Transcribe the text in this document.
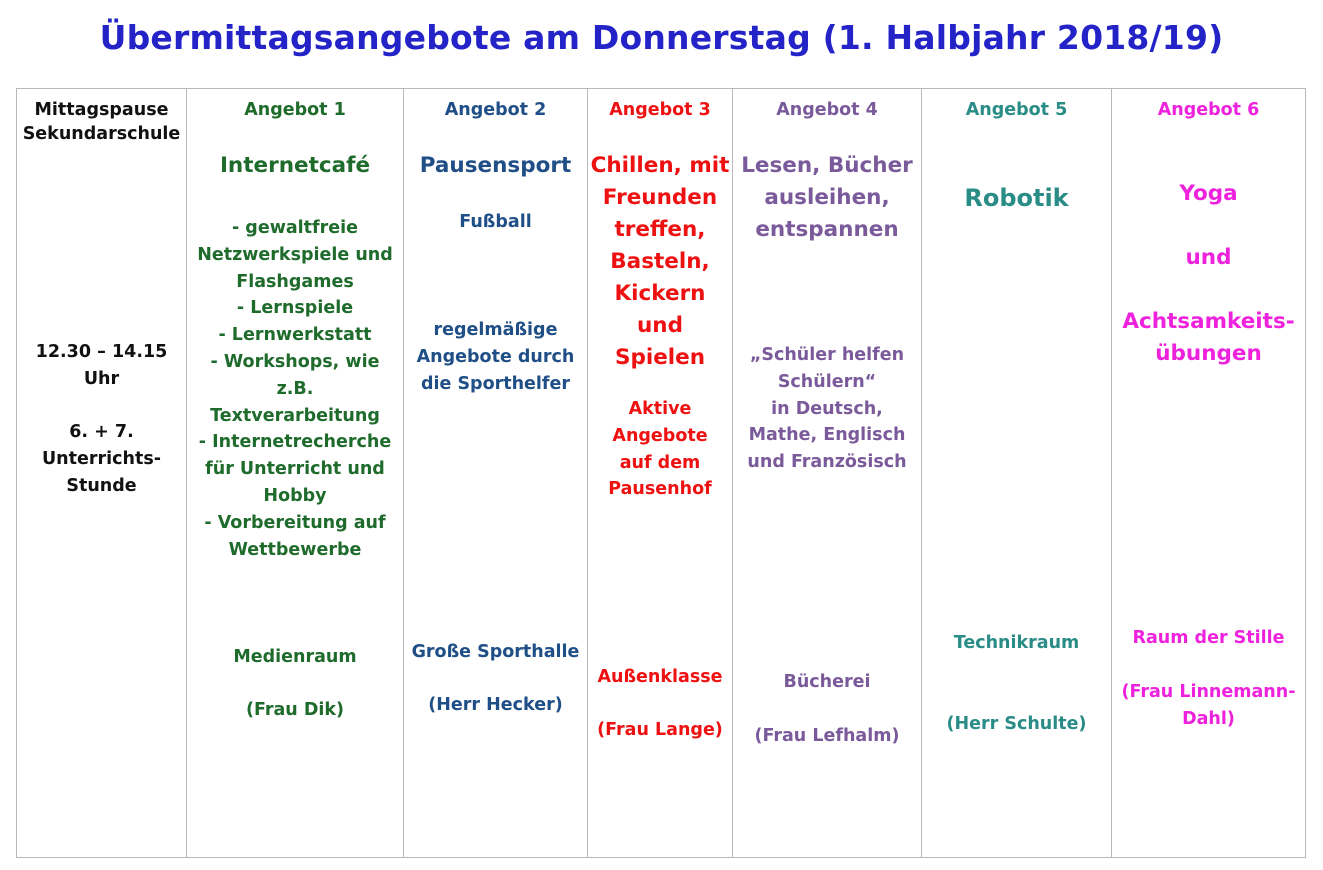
Übermittagsangebote am Donnerstag (1. Halbjahr 2018/19)
Mittagspause
Sekundarschule
12.30 – 14.15
Uhr
6. + 7.
Unterrichts-
Stunde
Angebot 1
Internetcafé
- gewaltfreie
Netzwerkspiele und
Flashgames
- Lernspiele
- Lernwerkstatt
- Workshops, wie
z.B.
Textverarbeitung
- Internetrecherche
für Unterricht und
Hobby
- Vorbereitung auf
Wettbewerbe
Medienraum
(Frau Dik)
Angebot 2
Pausensport
Fußball
regelmäßige
Angebote durch
die Sporthelfer
Große Sporthalle
(Herr Hecker)
Angebot 3
Chillen, mit
Freunden
treffen,
Basteln,
Kickern und
Spielen
Aktive
Angebote
auf dem
Pausenhof
Außenklasse
(Frau Lange)
Angebot 4
Lesen, Bücher
ausleihen,
entspannen
„Schüler helfen
Schülern“
in Deutsch,
Mathe, Englisch
und Französisch
Bücherei
(Frau Lefhalm)
Angebot 5
Robotik
Technikraum
(Herr Schulte)
Angebot 6
Yoga
und
Achtsamkeits-
übungen
Raum der Stille
(Frau Linnemann-
Dahl)
